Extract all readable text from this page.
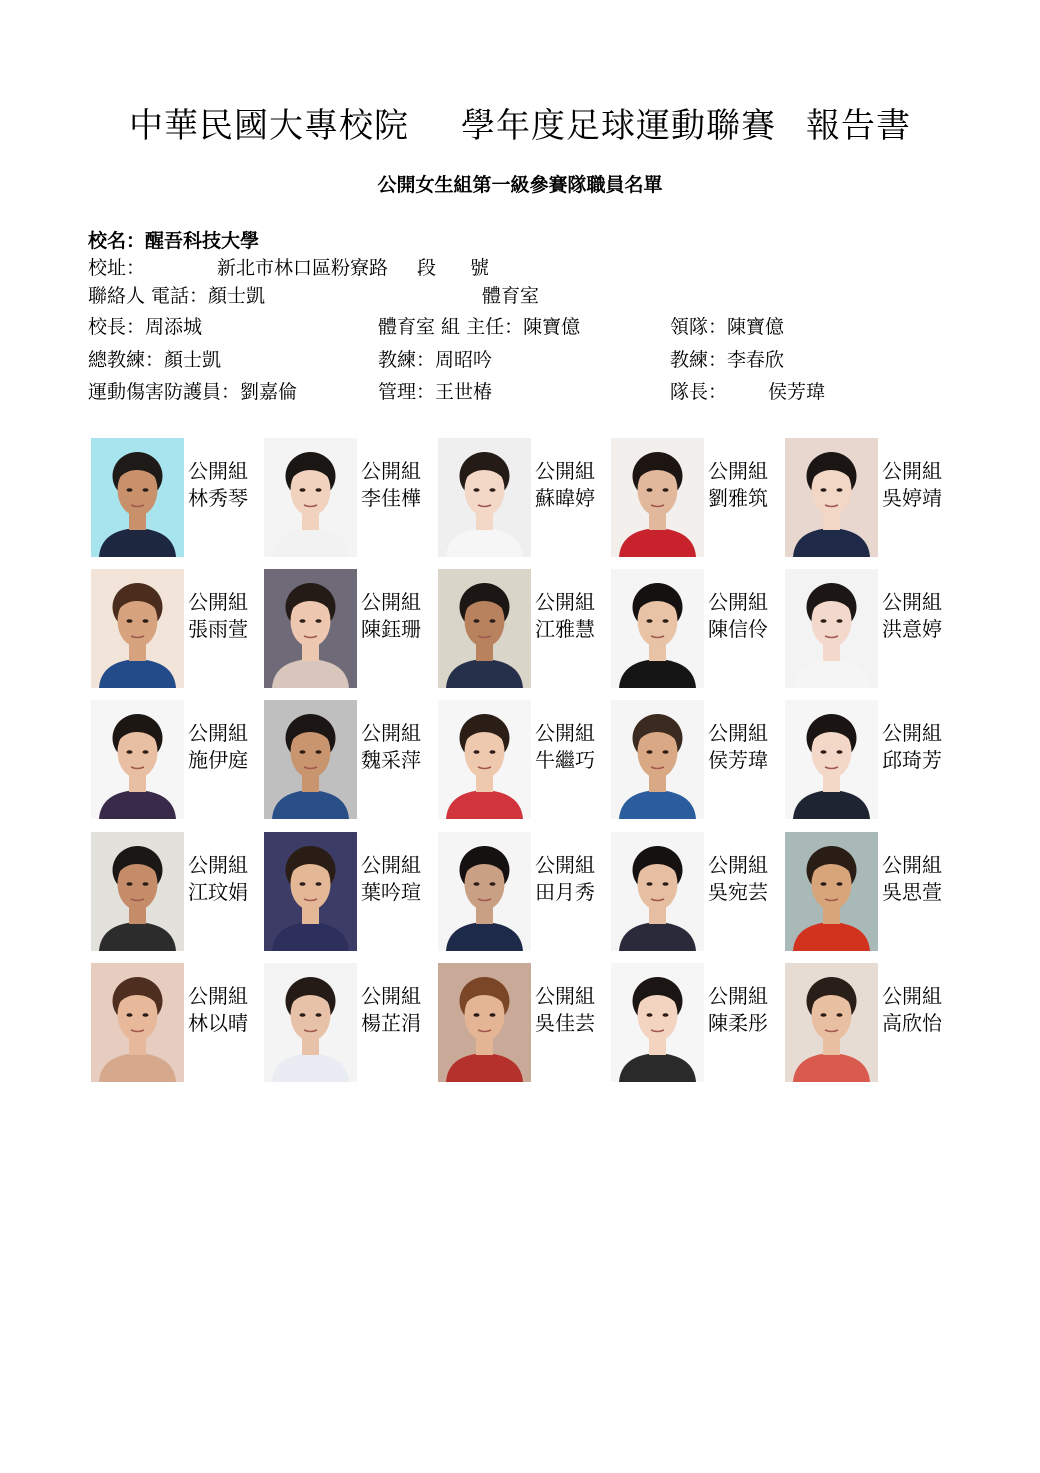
中華民國大專校院 學年度足球運動聯賽 報告書
公開女生組第一級參賽隊職員名單
校名：醒吾科技大學
校址：	新北市林口區粉寮路 段 號
聯絡人 電話：顏士凱	體育室
校長：周添城	體育室 組 主任：陳寶億	領隊：陳寶億
總教練：顏士凱	教練：周昭吟	教練：李春欣
運動傷害防護員：劉嘉倫	管理：王世椿	隊長： 侯芳瑋
公開組
林秀琴
公開組
李佳樺
公開組
蘇暐婷
公開組
劉雅筑
公開組
吳婷靖
公開組
張雨萱
公開組
陳鈺珊
公開組
江雅慧
公開組
陳信伶
公開組
洪意婷
公開組
施伊庭
公開組
魏采萍
公開組
牛繼巧
公開組
侯芳瑋
公開組
邱琦芳
公開組
江玟娟
公開組
葉吟瑄
公開組
田月秀
公開組
吳宛芸
公開組
吳思萱
公開組
林以晴
公開組
楊芷涓
公開組
吳佳芸
公開組
陳柔彤
公開組
高欣怡
